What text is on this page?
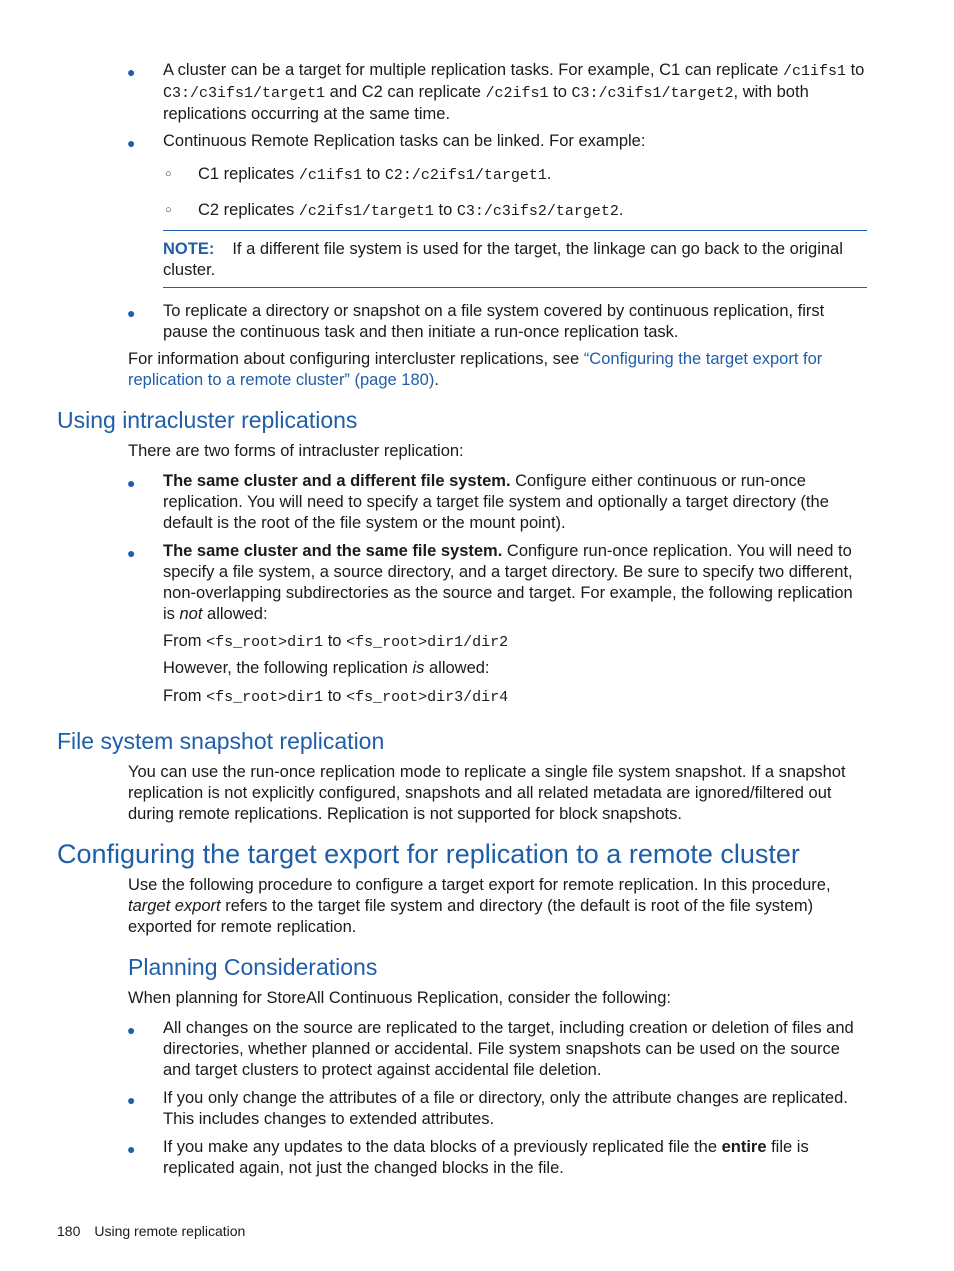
● A cluster can be a target for multiple replication tasks. For example, C1 can replicate /c1ifs1 to C3:/c3ifs1/target1 and C2 can replicate /c2ifs1 to C3:/c3ifs1/target2, with both replications occurring at the same time.
● Continuous Remote Replication tasks can be linked. For example:
○ C1 replicates /c1ifs1 to C2:/c2ifs1/target1.
○ C2 replicates /c2ifs1/target1 to C3:/c3ifs2/target2.
NOTE: If a different file system is used for the target, the linkage can go back to the original cluster.
● To replicate a directory or snapshot on a file system covered by continuous replication, first pause the continuous task and then initiate a run-once replication task.
For information about configuring intercluster replications, see “Configuring the target export for replication to a remote cluster” (page 180).
Using intracluster replications
There are two forms of intracluster replication:
● The same cluster and a different file system. Configure either continuous or run-once replication. You will need to specify a target file system and optionally a target directory (the default is the root of the file system or the mount point).
● The same cluster and the same file system. Configure run-once replication. You will need to specify a file system, a source directory, and a target directory. Be sure to specify two different, non-overlapping subdirectories as the source and target. For example, the following replication is not allowed:
From <fs_root>dir1 to <fs_root>dir1/dir2
However, the following replication is allowed:
From <fs_root>dir1 to <fs_root>dir3/dir4
File system snapshot replication
You can use the run-once replication mode to replicate a single file system snapshot. If a snapshot replication is not explicitly configured, snapshots and all related metadata are ignored/filtered out during remote replications. Replication is not supported for block snapshots.
Configuring the target export for replication to a remote cluster
Use the following procedure to configure a target export for remote replication. In this procedure, target export refers to the target file system and directory (the default is root of the file system) exported for remote replication.
Planning Considerations
When planning for StoreAll Continuous Replication, consider the following:
● All changes on the source are replicated to the target, including creation or deletion of files and directories, whether planned or accidental. File system snapshots can be used on the source and target clusters to protect against accidental file deletion.
● If you only change the attributes of a file or directory, only the attribute changes are replicated. This includes changes to extended attributes.
● If you make any updates to the data blocks of a previously replicated file the entire file is replicated again, not just the changed blocks in the file.
180 Using remote replication
